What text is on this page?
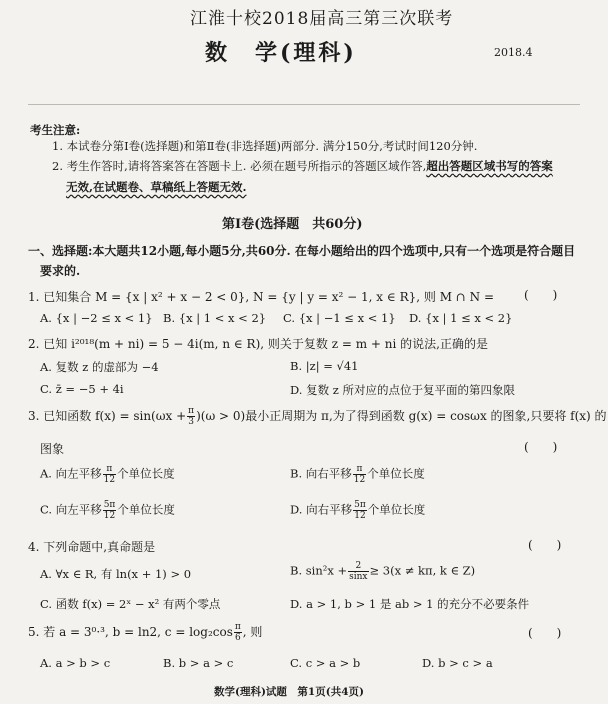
江淮十校2018届高三第三次联考
数　学(理科)	2018.4
考生注意:
1. 本试卷分第Ⅰ卷(选择题)和第Ⅱ卷(非选择题)两部分. 满分150分,考试时间120分钟.
2. 考生作答时,请将答案答在答题卡上. 必须在题号所指示的答题区域作答,超出答题区域书写的答案
无效,在试题卷、草稿纸上答题无效.
第Ⅰ卷(选择题　共60分)
一、选择题:本大题共12小题,每小题5分,共60分. 在每小题给出的四个选项中,只有一个选项是符合题目
要求的.
1. 已知集合 M = {x | x² + x − 2 < 0}, N = {y | y = x² − 1, x ∈ R}, 则 M ∩ N = (　　)
A. {x | −2 ≤ x < 1} B. {x | 1 < x < 2} C. {x | −1 ≤ x < 1} D. {x | 1 ≤ x < 2}
2. 已知 i²⁰¹⁸(m + ni) = 5 − 4i(m, n ∈ R), 则关于复数 z = m + ni 的说法,正确的是
A. 复数 z 的虚部为 −4	B. |z| = √41
C. z̄ = −5 + 4i	D. 复数 z 所对应的点位于复平面的第四象限
3. 已知函数 $f(x) = \sin(\omega x + \frac{\pi}{3} )(\omega > 0)$最小正周期为 π,为了得到函数 g(x) = cosωx 的图象,只要将 f(x) 的
图象	(　　)
A. 向左平移 $\frac{\pi}{12}$ 个单位长度	B. 向右平移 $\frac{\pi}{12}$ 个单位长度
C. 向左平移 $\frac{5\pi}{12}$ 个单位长度	D. 向右平移 $\frac{5\pi}{12}$ 个单位长度
4. 下列命题中,真命题是	(　　)
A. ∀x ∈ R, 有 ln(x + 1) > 0	B. $\sin^2x + \frac{2}{\sin x} \ge 3(x \ne k\pi$, k ∈ Z)
C. 函数 f(x) = 2ˣ − x² 有两个零点	D. a > 1, b > 1 是 ab > 1 的充分不必要条件
5. 若 a = 3⁰·³, b = ln2, $c = \log_2\cos \frac{\pi}{6}$ , 则	(　　)
A. a > b > c	B. b > a > c	C. c > a > b	D. b > c > a
数学(理科)试题　第1页(共4页)
